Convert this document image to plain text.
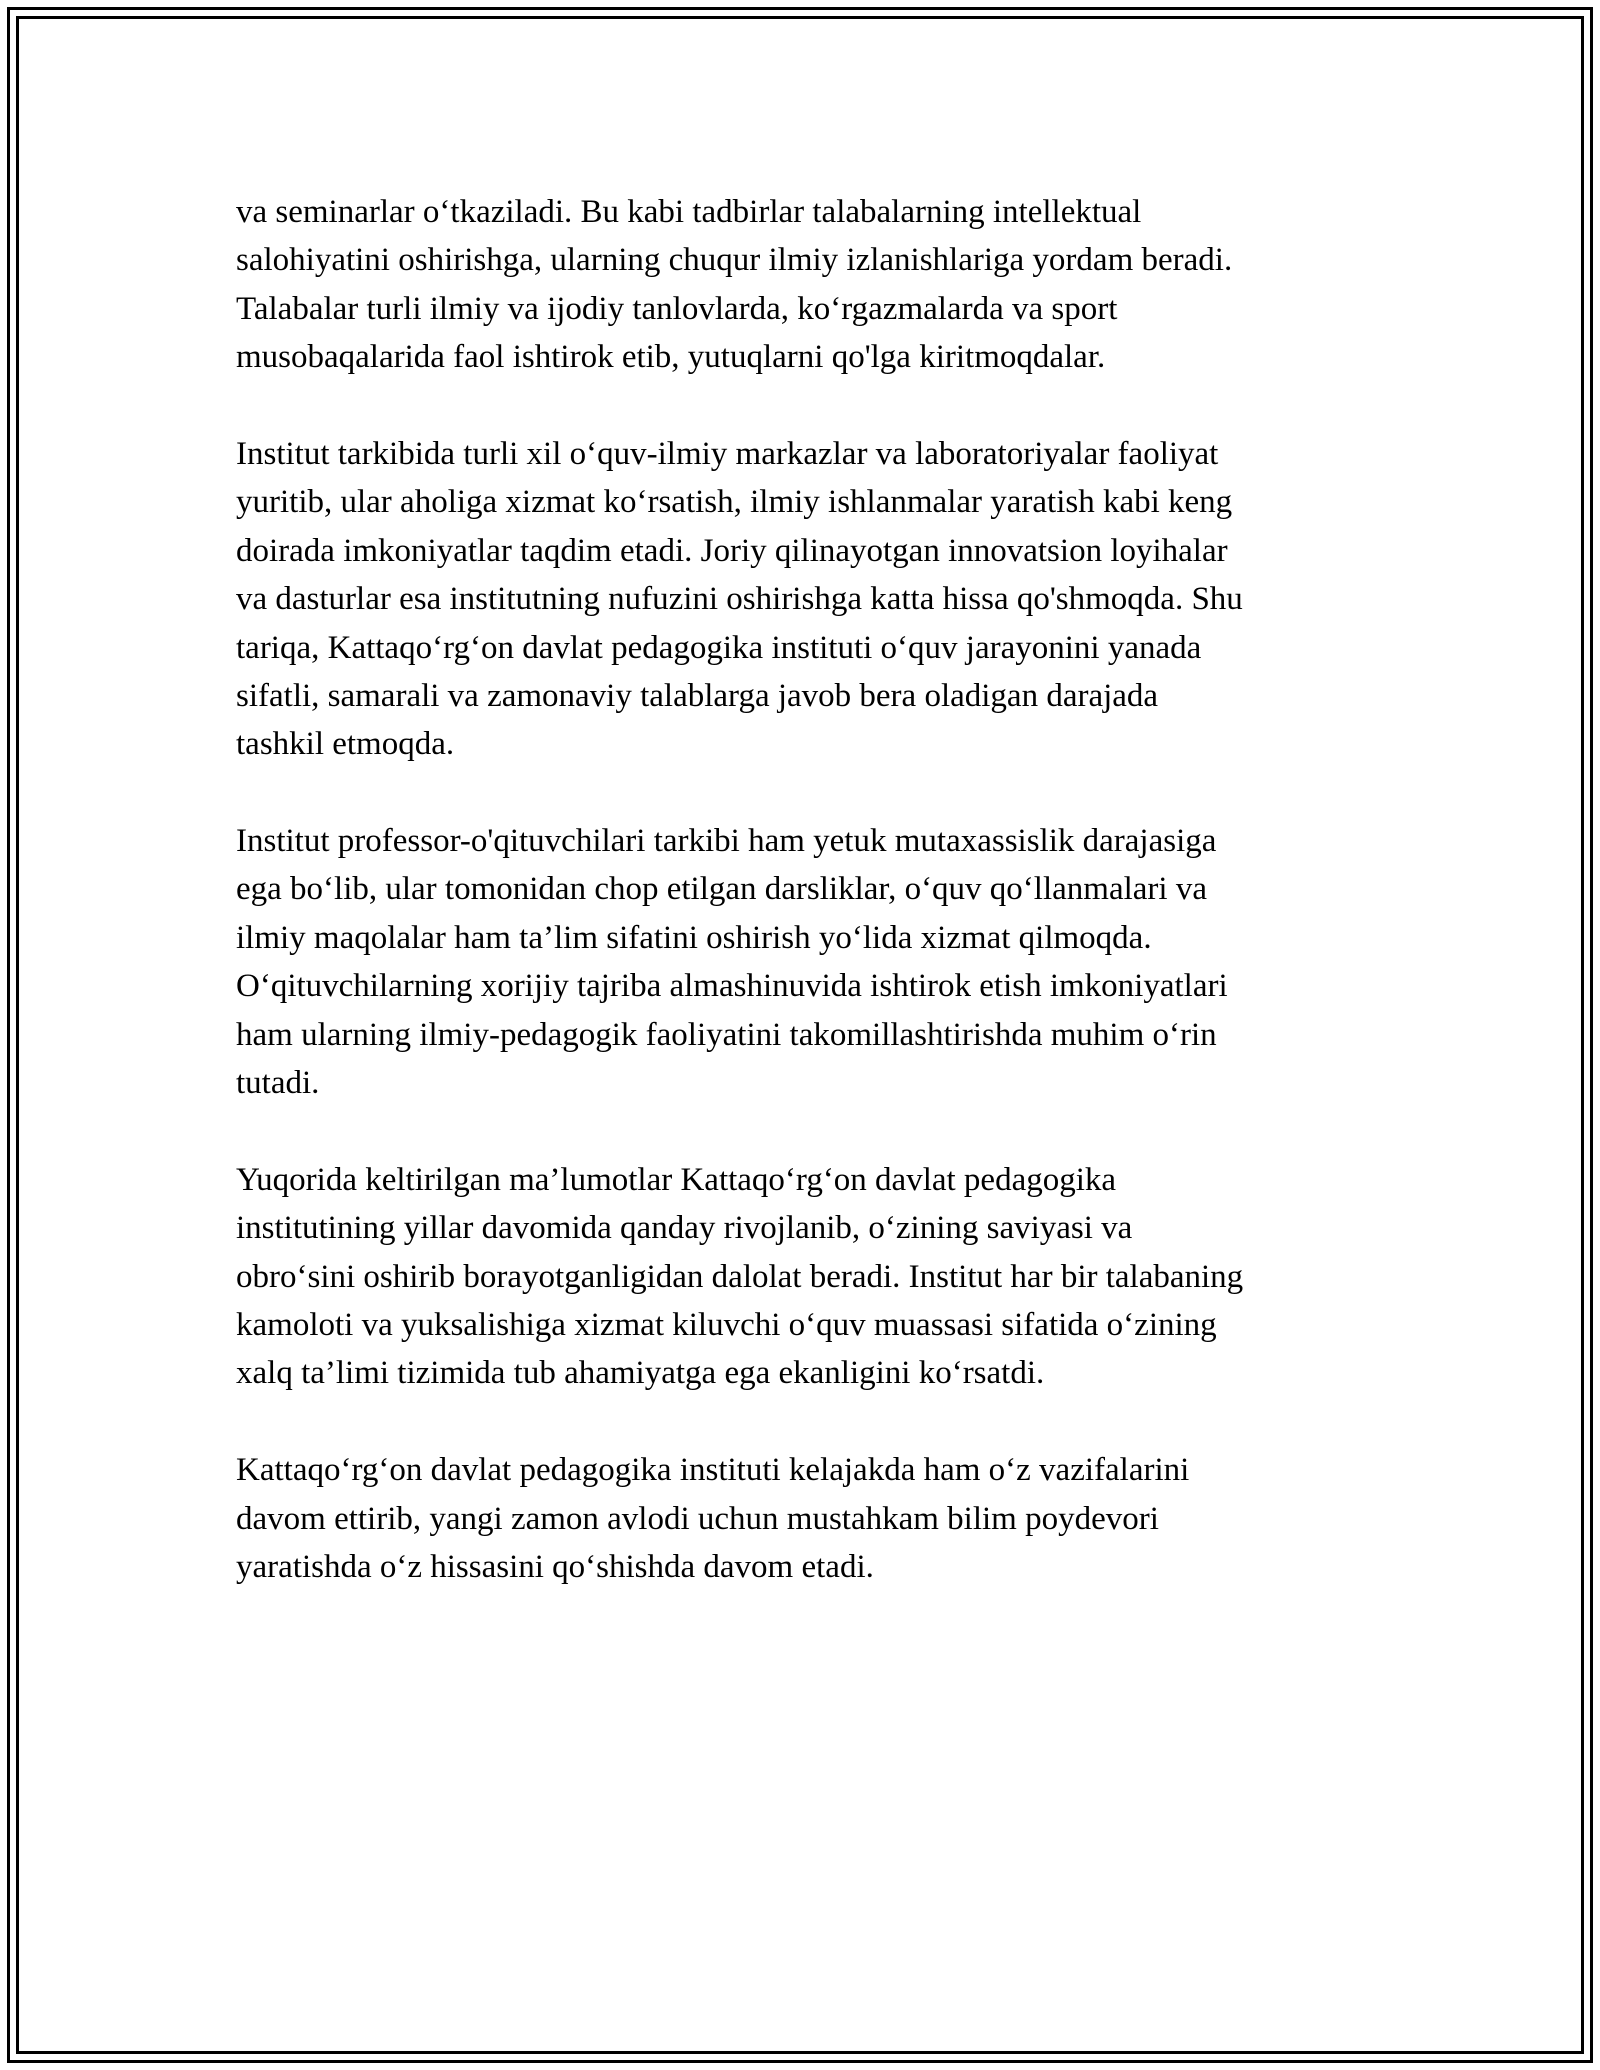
va seminarlar o‘tkaziladi. Bu kabi tadbirlar talabalarning intellektual
salohiyatini oshirishga, ularning chuqur ilmiy izlanishlariga yordam beradi.
Talabalar turli ilmiy va ijodiy tanlovlarda, ko‘rgazmalarda va sport
musobaqalarida faol ishtirok etib, yutuqlarni qo'lga kiritmoqdalar.

Institut tarkibida turli xil o‘quv-ilmiy markazlar va laboratoriyalar faoliyat
yuritib, ular aholiga xizmat ko‘rsatish, ilmiy ishlanmalar yaratish kabi keng
doirada imkoniyatlar taqdim etadi. Joriy qilinayotgan innovatsion loyihalar
va dasturlar esa institutning nufuzini oshirishga katta hissa qo'shmoqda. Shu
tariqa, Kattaqo‘rg‘on davlat pedagogika instituti o‘quv jarayonini yanada
sifatli, samarali va zamonaviy talablarga javob bera oladigan darajada
tashkil etmoqda.

Institut professor-o'qituvchilari tarkibi ham yetuk mutaxassislik darajasiga
ega bo‘lib, ular tomonidan chop etilgan darsliklar, o‘quv qo‘llanmalari va
ilmiy maqolalar ham ta’lim sifatini oshirish yo‘lida xizmat qilmoqda.
O‘qituvchilarning xorijiy tajriba almashinuvida ishtirok etish imkoniyatlari
ham ularning ilmiy-pedagogik faoliyatini takomillashtirishda muhim o‘rin
tutadi.

Yuqorida keltirilgan ma’lumotlar Kattaqo‘rg‘on davlat pedagogika
institutining yillar davomida qanday rivojlanib, o‘zining saviyasi va
obro‘sini oshirib borayotganligidan dalolat beradi. Institut har bir talabaning
kamoloti va yuksalishiga xizmat kiluvchi o‘quv muassasi sifatida o‘zining
xalq ta’limi tizimida tub ahamiyatga ega ekanligini ko‘rsatdi.

Kattaqo‘rg‘on davlat pedagogika instituti kelajakda ham o‘z vazifalarini
davom ettirib, yangi zamon avlodi uchun mustahkam bilim poydevori
yaratishda o‘z hissasini qo‘shishda davom etadi.
